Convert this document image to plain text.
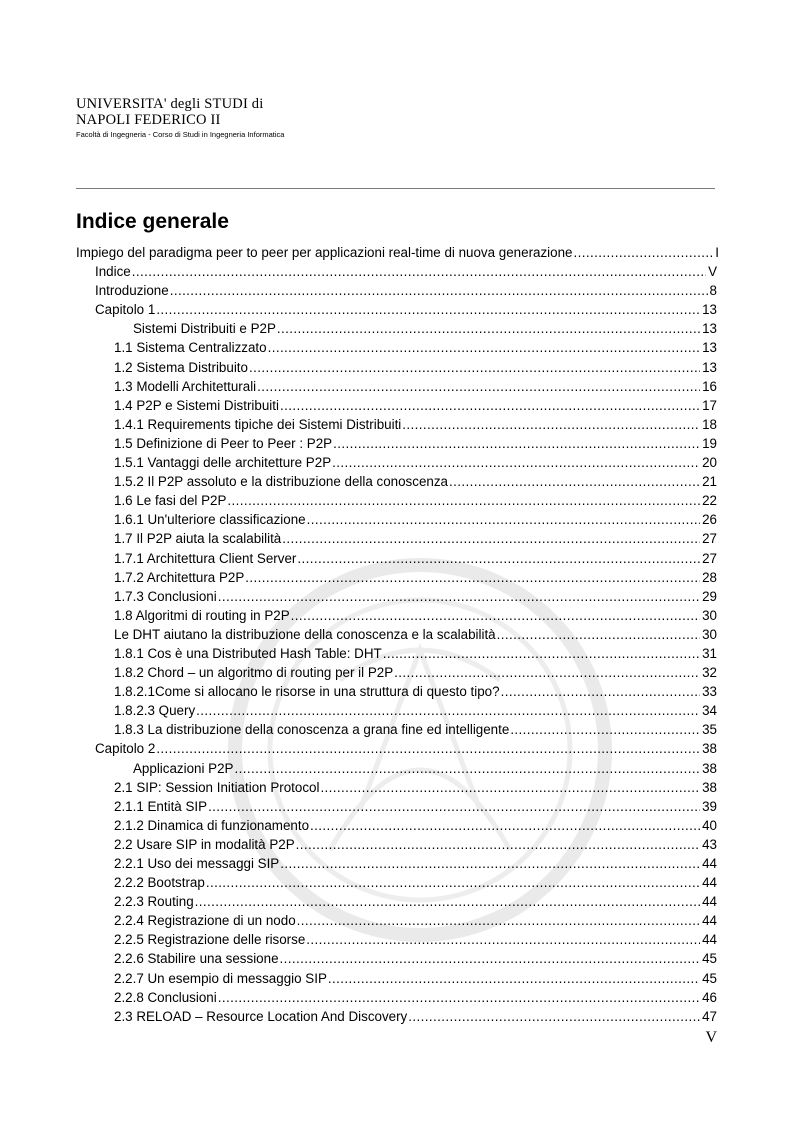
UNIVERSITA' degli STUDI di
NAPOLI FEDERICO II
Facoltà di Ingegneria - Corso di Studi in Ingegneria Informatica
Indice generale
Impiego del paradigma peer to peer per applicazioni real-time di nuova generazione .....	I
Indice .....	V
Introduzione .....	8
Capitolo 1 .....	13
Sistemi Distribuiti e P2P .....	13
1.1 Sistema Centralizzato .....	13
1.2 Sistema Distribuito .....	13
1.3 Modelli Architetturali .....	16
1.4 P2P e Sistemi Distribuiti .....	17
1.4.1 Requirements tipiche dei Sistemi Distribuiti .....	18
1.5 Definizione di Peer to Peer : P2P .....	19
1.5.1 Vantaggi delle architetture P2P .....	20
1.5.2 Il P2P assoluto e la distribuzione della conoscenza .....	21
1.6 Le fasi del P2P .....	22
1.6.1 Un'ulteriore classificazione .....	26
1.7 Il P2P aiuta la scalabilità .....	27
1.7.1 Architettura Client Server .....	27
1.7.2 Architettura P2P .....	28
1.7.3 Conclusioni .....	29
1.8 Algoritmi di routing in P2P .....	30
Le DHT aiutano la distribuzione della conoscenza e la scalabilità .....	30
1.8.1 Cos è una Distributed Hash Table: DHT .....	31
1.8.2 Chord – un algoritmo di routing per il P2P .....	32
1.8.2.1Come si allocano le risorse in una struttura di questo tipo? .....	33
1.8.2.3 Query .....	34
1.8.3 La distribuzione della conoscenza a grana fine ed intelligente .....	35
Capitolo 2 .....	38
Applicazioni P2P .....	38
2.1 SIP: Session Initiation Protocol .....	38
2.1.1 Entità SIP .....	39
2.1.2 Dinamica di funzionamento .....	40
2.2 Usare SIP in modalità P2P .....	43
2.2.1 Uso dei messaggi SIP .....	44
2.2.2 Bootstrap .....	44
2.2.3 Routing .....	44
2.2.4 Registrazione di un nodo .....	44
2.2.5 Registrazione delle risorse .....	44
2.2.6 Stabilire una sessione .....	45
2.2.7 Un esempio di messaggio SIP .....	45
2.2.8 Conclusioni .....	46
2.3 RELOAD – Resource Location And Discovery .....	47
V
